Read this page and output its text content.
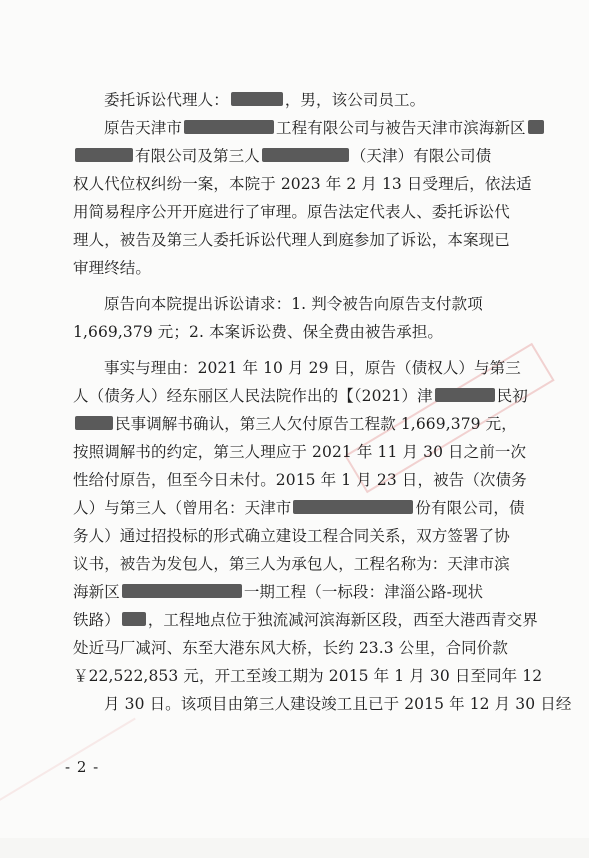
委托诉讼代理人：	，男，该公司员工。
原告天津市	工程有限公司与被告天津市滨海新区
有限公司及第三人	（天津）有限公司债
权人代位权纠纷一案，本院于 2023 年 2 月 13 日受理后，依法适
用简易程序公开开庭进行了审理。原告法定代表人、委托诉讼代
理人，被告及第三人委托诉讼代理人到庭参加了诉讼，本案现已
审理终结。
原告向本院提出诉讼请求：1. 判令被告向原告支付款项
1,669,379 元；2. 本案诉讼费、保全费由被告承担。
事实与理由：2021 年 10 月 29 日，原告（债权人）与第三
人（债务人）经东丽区人民法院作出的【（2021）津	民初
民事调解书确认，第三人欠付原告工程款 1,669,379 元，
按照调解书的约定，第三人理应于 2021 年 11 月 30 日之前一次
性给付原告，但至今日未付。2015 年 1 月 23 日，被告（次债务
人）与第三人（曾用名：天津市	份有限公司，债
务人）通过招投标的形式确立建设工程合同关系，双方签署了协
议书，被告为发包人，第三人为承包人，工程名称为：天津市滨
海新区	一期工程（一标段：津淄公路-现状
铁路） ，工程地点位于独流减河滨海新区段，西至大港西青交界
处近马厂减河、东至大港东风大桥，长约 23.3 公里，合同价款
￥22,522,853 元，开工至竣工期为 2015 年 1 月 30 日至同年 12
月 30 日。该项目由第三人建设竣工且已于 2015 年 12 月 30 日经
- 2 -
